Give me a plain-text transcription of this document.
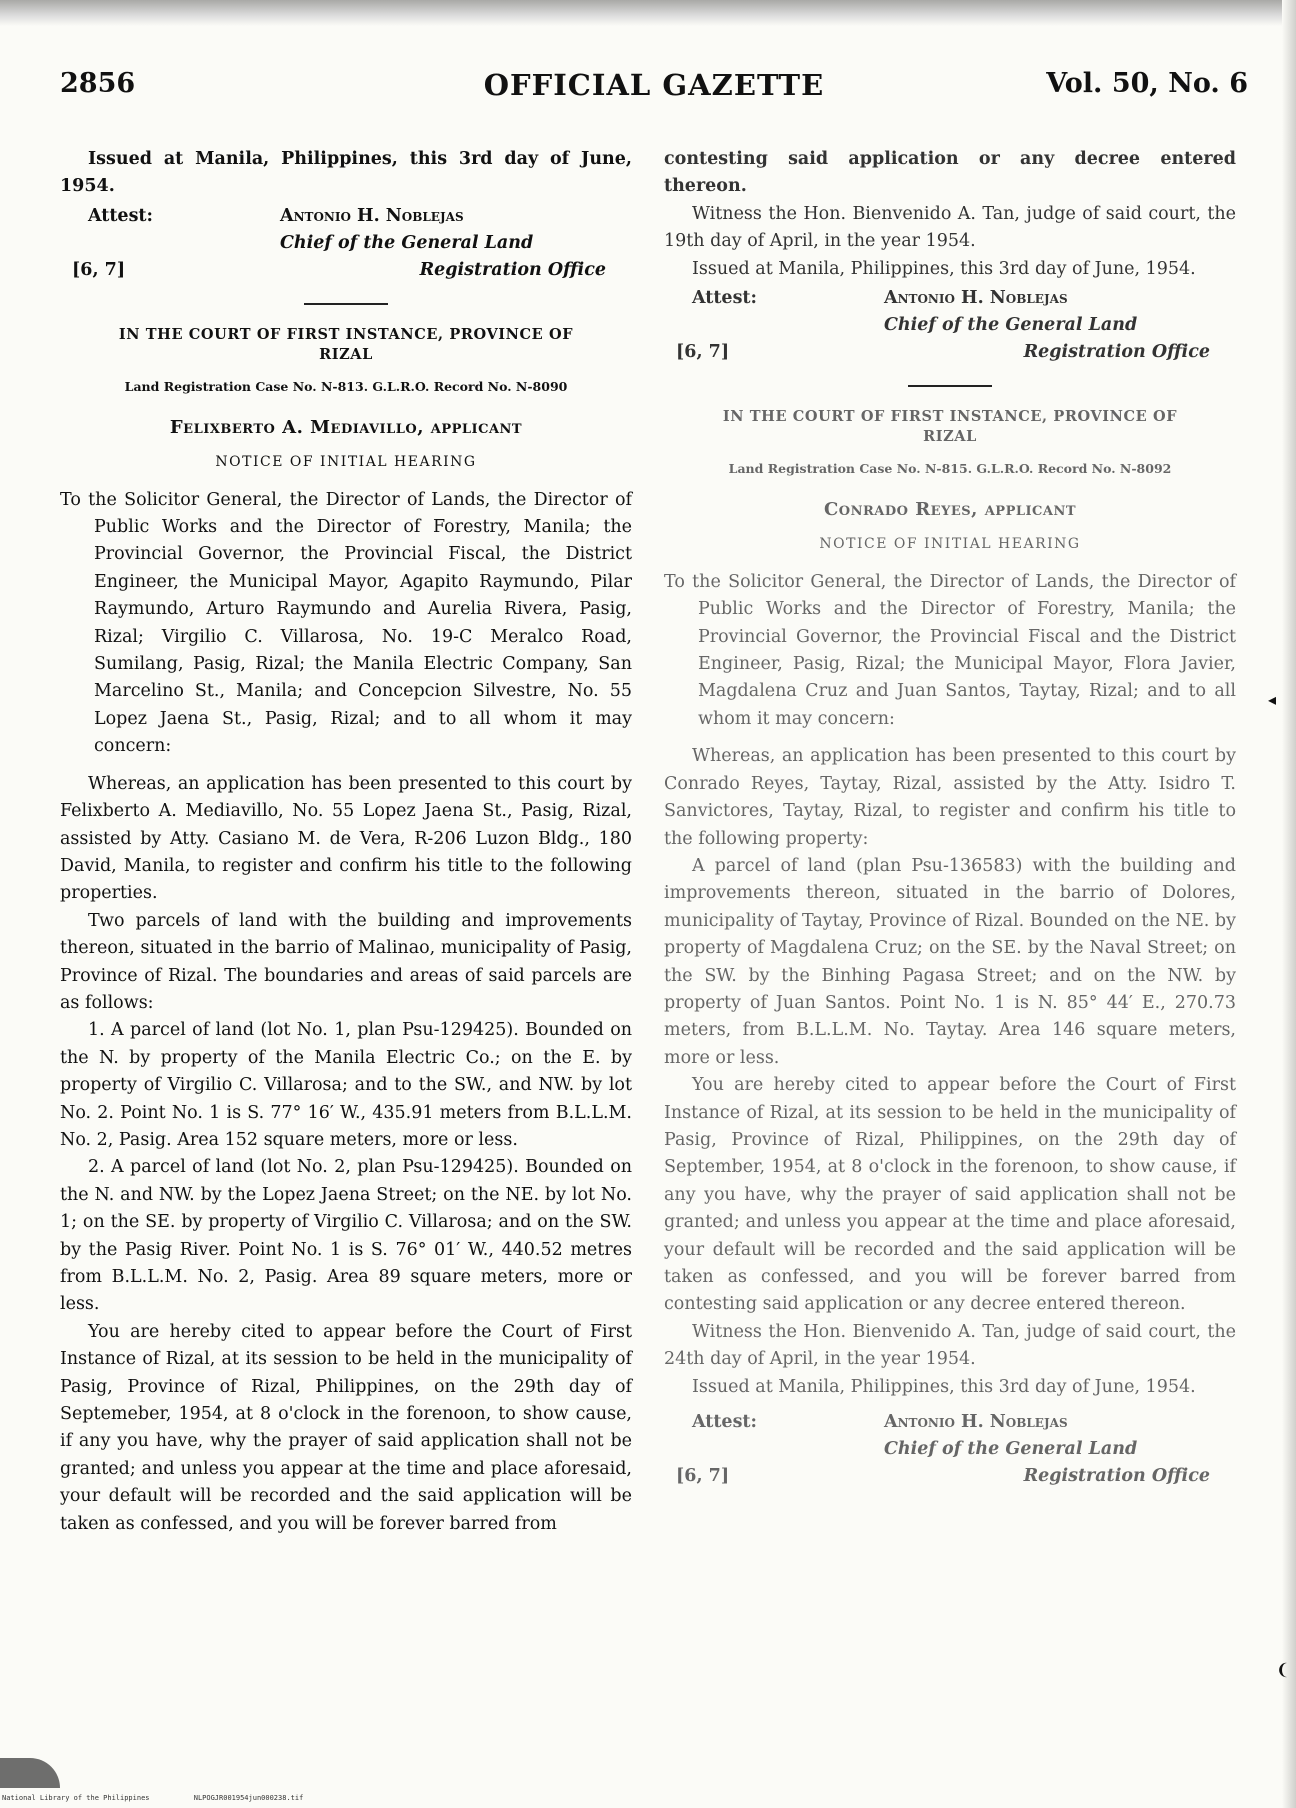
OFFICIAL GAZETTE
2856	Vol. 50, No. 6

Issued at Manila, Philippines, this 3rd day of June, 1954.

Attest:	Antonio H. Noblejas
Chief of the General Land
[6, 7]	Registration Office

IN THE COURT OF FIRST INSTANCE, PROVINCE OF RIZAL

Land Registration Case No. N-813. G.L.R.O. Record No. N-8090

Felixberto A. Mediavillo, applicant

NOTICE OF INITIAL HEARING

To the Solicitor General, the Director of Lands, the Director of Public Works and the Director of Forestry, Manila; the Provincial Governor, the Provincial Fiscal, the District Engineer, the Municipal Mayor, Agapito Raymundo, Pilar Raymundo, Arturo Raymundo and Aurelia Rivera, Pasig, Rizal; Virgilio C. Villarosa, No. 19-C Meralco Road, Sumilang, Pasig, Rizal; the Manila Electric Company, San Marcelino St., Manila; and Concepcion Silvestre, No. 55 Lopez Jaena St., Pasig, Rizal; and to all whom it may concern:

Whereas, an application has been presented to this court by Felixberto A. Mediavillo, No. 55 Lopez Jaena St., Pasig, Rizal, assisted by Atty. Casiano M. de Vera, R-206 Luzon Bldg., 180 David, Manila, to register and confirm his title to the following properties.

Two parcels of land with the building and improvements thereon, situated in the barrio of Malinao, municipality of Pasig, Province of Rizal. The boundaries and areas of said parcels are as follows:

1. A parcel of land (lot No. 1, plan Psu-129425). Bounded on the N. by property of the Manila Electric Co.; on the E. by property of Virgilio C. Villarosa; and to the SW., and NW. by lot No. 2. Point No. 1 is S. 77° 16′ W., 435.91 meters from B.L.L.M. No. 2, Pasig. Area 152 square meters, more or less.

2. A parcel of land (lot No. 2, plan Psu-129425). Bounded on the N. and NW. by the Lopez Jaena Street; on the NE. by lot No. 1; on the SE. by property of Virgilio C. Villarosa; and on the SW. by the Pasig River. Point No. 1 is S. 76° 01′ W., 440.52 metres from B.L.L.M. No. 2, Pasig. Area 89 square meters, more or less.

You are hereby cited to appear before the Court of First Instance of Rizal, at its session to be held in the municipality of Pasig, Province of Rizal, Philippines, on the 29th day of Septemeber, 1954, at 8 o'clock in the forenoon, to show cause, if any you have, why the prayer of said application shall not be granted; and unless you appear at the time and place aforesaid, your default will be recorded and the said application will be taken as confessed, and you will be forever barred from

contesting said application or any decree entered thereon.

Witness the Hon. Bienvenido A. Tan, judge of said court, the 19th day of April, in the year 1954.

Issued at Manila, Philippines, this 3rd day of June, 1954.

Attest:	Antonio H. Noblejas
Chief of the General Land
[6, 7]	Registration Office

IN THE COURT OF FIRST INSTANCE, PROVINCE OF RIZAL

Land Registration Case No. N-815. G.L.R.O. Record No. N-8092

Conrado Reyes, applicant

NOTICE OF INITIAL HEARING

To the Solicitor General, the Director of Lands, the Director of Public Works and the Director of Forestry, Manila; the Provincial Governor, the Provincial Fiscal and the District Engineer, Pasig, Rizal; the Municipal Mayor, Flora Javier, Magdalena Cruz and Juan Santos, Taytay, Rizal; and to all whom it may concern:

Whereas, an application has been presented to this court by Conrado Reyes, Taytay, Rizal, assisted by the Atty. Isidro T. Sanvictores, Taytay, Rizal, to register and confirm his title to the following property:

A parcel of land (plan Psu-136583) with the building and improvements thereon, situated in the barrio of Dolores, municipality of Taytay, Province of Rizal. Bounded on the NE. by property of Magdalena Cruz; on the SE. by the Naval Street; on the SW. by the Binhing Pagasa Street; and on the NW. by property of Juan Santos. Point No. 1 is N. 85° 44′ E., 270.73 meters, from B.L.L.M. No. Taytay. Area 146 square meters, more or less.

You are hereby cited to appear before the Court of First Instance of Rizal, at its session to be held in the municipality of Pasig, Province of Rizal, Philippines, on the 29th day of September, 1954, at 8 o'clock in the forenoon, to show cause, if any you have, why the prayer of said application shall not be granted; and unless you appear at the time and place aforesaid, your default will be recorded and the said application will be taken as confessed, and you will be forever barred from contesting said application or any decree entered thereon.

Witness the Hon. Bienvenido A. Tan, judge of said court, the 24th day of April, in the year 1954.

Issued at Manila, Philippines, this 3rd day of June, 1954.

Attest:	Antonio H. Noblejas
Chief of the General Land
[6, 7]	Registration Office
◂
❨
National Library of the Philippines	NLPOGJR001954jun000238.tif
